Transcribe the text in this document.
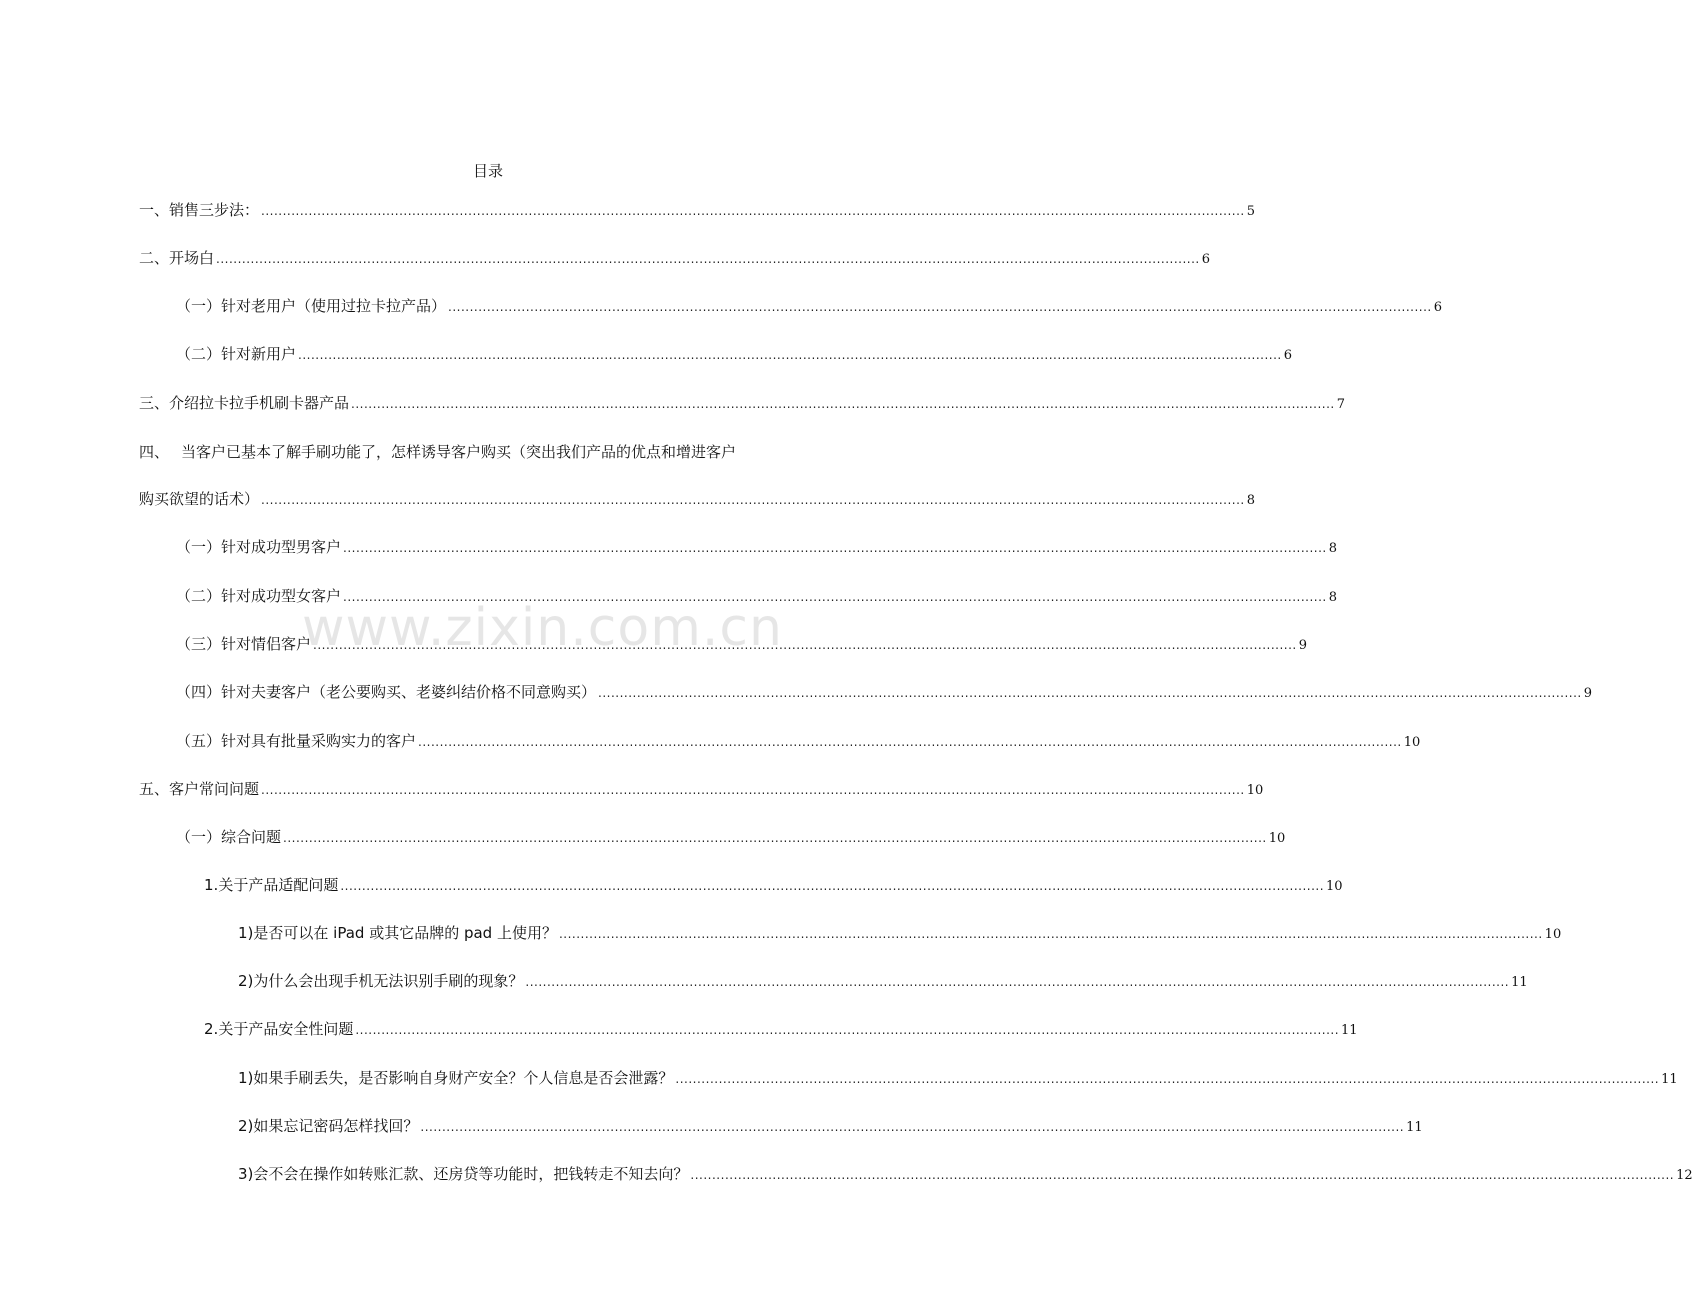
目录
www.zixin.com.cn
一、 销售三步法： .....	5
二、 开场白 .....	6
（一） 针对老用户（使用过拉卡拉产品） .....	6
（二） 针对新用户 .....	6
三、 介绍拉卡拉手机刷卡器产品 .....	7
四、 当客户已基本了解手刷功能了，怎样诱导客户购买（突出我们产品的优点和增进客户
购买欲望的话术） .....	8
（一） 针对成功型男客户 .....	8
（二） 针对成功型女客户 .....	8
（三） 针对情侣客户 .....	9
（四） 针对夫妻客户（老公要购买、老婆纠结价格不同意购买） .....	9
（五） 针对具有批量采购实力的客户 .....	10
五、 客户常问问题 .....	10
（一） 综合问题 .....	10
1. 关于产品适配问题 .....	10
1) 是否可以在 iPad 或其它品牌的 pad 上使用？ .....	10
2) 为什么会出现手机无法识别手刷的现象？ .....	11
2. 关于产品安全性问题 .....	11
1) 如果手刷丢失，是否影响自身财产安全？个人信息是否会泄露？ .....	11
2) 如果忘记密码怎样找回？ .....	11
3) 会不会在操作如转账汇款、还房贷等功能时，把钱转走不知去向？ .....	12
